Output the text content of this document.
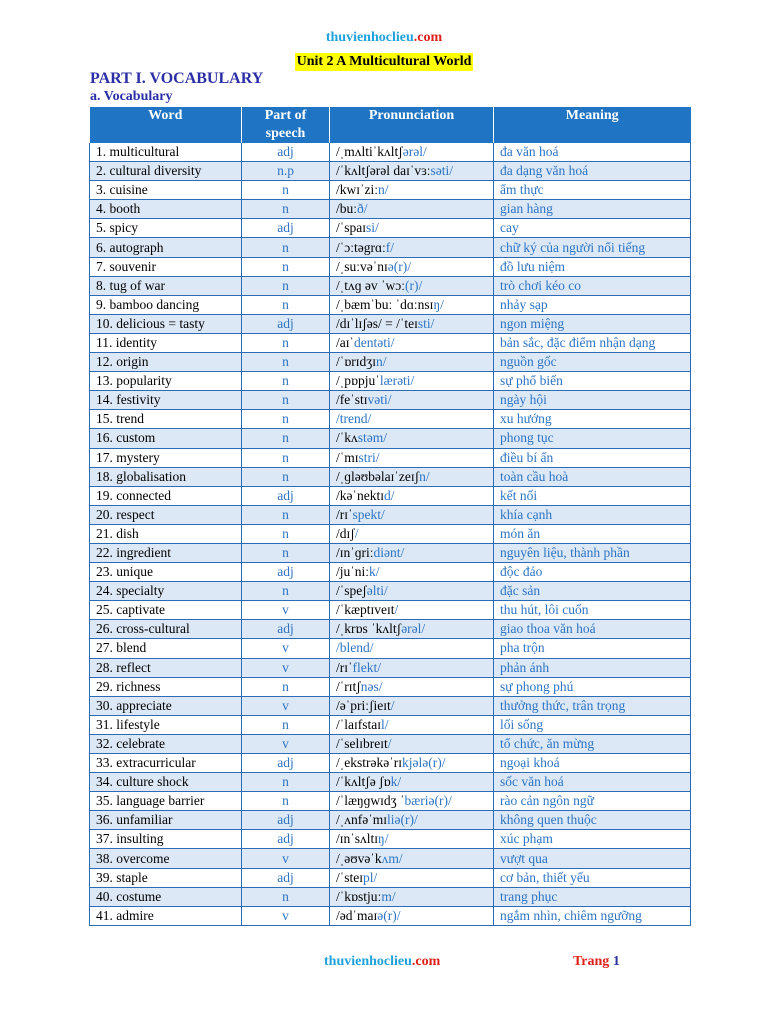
thuvienhoclieu.com
Unit 2 A Multicultural World
PART I. VOCABULARY
a. Vocabulary
Word	Part of speech	Pronunciation	Meaning
1. multicultural	adj	/ˌmʌltiˈkʌltʃərəl/	đa văn hoá
2. cultural diversity	n.p	/ˈkʌltʃərəl daɪˈvɜːsəti/	đa dạng văn hoá
3. cuisine	n	/kwɪˈziːn/	ẩm thực
4. booth	n	/buːð/	gian hàng
5. spicy	adj	/ˈspaɪsi/	cay
6. autograph	n	/ˈɔːtəgrɑːf/	chữ ký của người nổi tiếng
7. souvenir	n	/ˌsuːvəˈnɪə(r)/	đồ lưu niệm
8. tug of war	n	/ˌtʌɡ əv ˈwɔː(r)/	trò chơi kéo co
9. bamboo dancing	n	/ˌbæmˈbuː ˈdɑːnsɪŋ/	nhảy sạp
10. delicious = tasty	adj	/dɪˈlɪʃəs/ = /ˈteɪsti/	ngon miệng
11. identity	n	/aɪˈdentəti/	bản sắc, đặc điểm nhận dạng
12. origin	n	/ˈɒrɪdʒɪn/	nguồn gốc
13. popularity	n	/ˌpɒpjuˈlærəti/	sự phổ biến
14. festivity	n	/feˈstɪvəti/	ngày hội
15. trend	n	/trend/	xu hướng
16. custom	n	/ˈkʌstəm/	phong tục
17. mystery	n	/ˈmɪstri/	điều bí ẩn
18. globalisation	n	/ˌɡləʊbəlaɪˈzeɪʃn/	toàn cầu hoà
19. connected	adj	/kəˈnektɪd/	kết nối
20. respect	n	/rɪˈspekt/	khía cạnh
21. dish	n	/dɪʃ/	món ăn
22. ingredient	n	/ɪnˈɡriːdiənt/	nguyên liệu, thành phần
23. unique	adj	/juˈniːk/	độc đáo
24. specialty	n	/ˈspeʃəlti/	đặc sản
25. captivate	v	/ˈkæptɪveɪt/	thu hút, lôi cuốn
26. cross-cultural	adj	/ˌkrɒs ˈkʌltʃərəl/	giao thoa văn hoá
27. blend	v	/blend/	pha trộn
28. reflect	v	/rɪˈflekt/	phản ánh
29. richness	n	/ˈrɪtʃnəs/	sự phong phú
30. appreciate	v	/əˈpriːʃieɪt/	thưởng thức, trân trọng
31. lifestyle	n	/ˈlaɪfstaɪl/	lối sống
32. celebrate	v	/ˈselɪbreɪt/	tổ chức, ăn mừng
33. extracurricular	adj	/ˌekstrəkəˈrɪkjələ(r)/	ngoại khoá
34. culture shock	n	/ˈkʌltʃə ʃɒk/	sốc văn hoá
35. language barrier	n	/ˈlæŋɡwɪdʒ ˈbæriə(r)/	rào cản ngôn ngữ
36. unfamiliar	adj	/ˌʌnfəˈmɪliə(r)/	không quen thuộc
37. insulting	adj	/ɪnˈsʌltɪŋ/	xúc phạm
38. overcome	v	/ˌəʊvəˈkʌm/	vượt qua
39. staple	adj	/ˈsteɪpl/	cơ bản, thiết yếu
40. costume	n	/ˈkɒstjuːm/	trang phục
41. admire	v	/ədˈmaɪə(r)/	ngắm nhìn, chiêm ngưỡng
thuvienhoclieu.com	Trang 1
